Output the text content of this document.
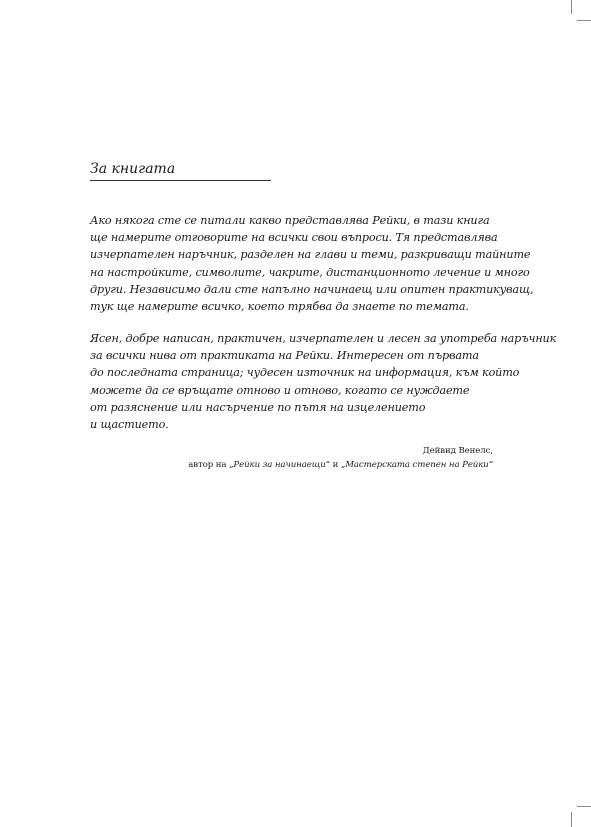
За книгата
Ако някога сте се питали какво представлява Рейки, в тази книга
ще намерите отговорите на всички свои въпроси. Тя представлява
изчерпателен наръчник, разделен на глави и теми, разкриващи тайните
на настройките, символите, чакрите, дистанционното лечение и много
други. Независимо дали сте напълно начинаещ или опитен практикуващ,
тук ще намерите всичко, което трябва да знаете по темата.
Ясен, добре написан, практичен, изчерпателен и лесен за употреба наръчник
за всички нива от практиката на Рейки. Интересен от първата
до последната страница; чудесен източник на информация, към който
можете да се връщате отново и отново, когато се нуждаете
от разяснение или насърчение по пътя на изцелението
и щастието.
Дейвид Венелс,
автор на „Рейки за начинаещи“ и „Мастерската степен на Рейки“
